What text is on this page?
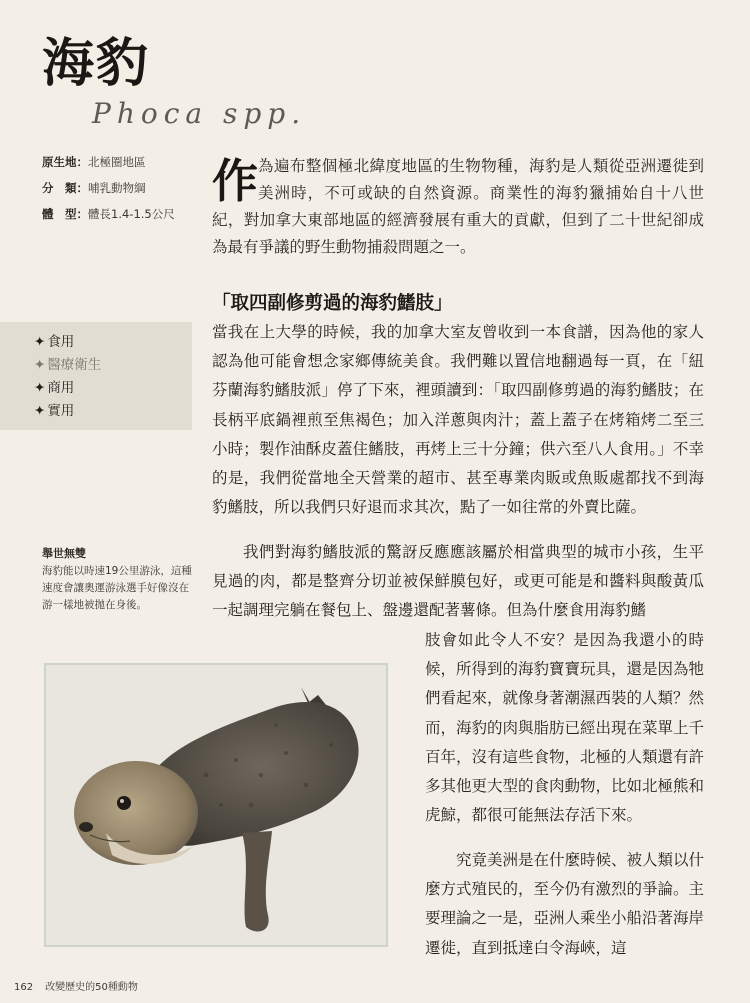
海豹
Phoca spp.
原生地：北極圈地區
分　類：哺乳動物綱
體　型：體長1.4-1.5公尺
✦ 食用
✦ 醫療衛生
✦ 商用
✦ 實用
舉世無雙
海豹能以時速19公里游泳，這種速度會讓奧運游泳選手好像沒在游一樣地被拋在身後。
作 為遍布整個極北緯度地區的生物物種，海豹是人類從亞洲遷徙到美洲時，不可或缺的自然資源。商業性的海豹獵捕始自十八世紀，對加拿大東部地區的經濟發展有重大的貢獻，但到了二十世紀卻成為最有爭議的野生動物捕殺問題之一。
「取四副修剪過的海豹鰭肢」
當我在上大學的時候，我的加拿大室友曾收到一本食譜，因為他的家人認為他可能會想念家鄉傳統美食。我們難以置信地翻過每一頁，在「紐芬蘭海豹鰭肢派」停了下來，裡頭讀到：「取四副修剪過的海豹鰭肢；在長柄平底鍋裡煎至焦褐色；加入洋蔥與肉汁；蓋上蓋子在烤箱烤二至三小時；製作油酥皮蓋住鰭肢，再烤上三十分鐘；供六至八人食用。」不幸的是，我們從當地全天營業的超市、甚至專業肉販或魚販處都找不到海豹鰭肢，所以我們只好退而求其次，點了一如往常的外賣比薩。
我們對海豹鰭肢派的驚訝反應應該屬於相當典型的城市小孩，生平見過的肉，都是整齊分切並被保鮮膜包好，或更可能是和醬料與酸黃瓜一起調理完躺在餐包上、盤邊還配著薯條。但為什麼食用海豹鰭
肢會如此令人不安？是因為我還小的時候，所得到的海豹寶寶玩具，還是因為牠們看起來，就像身著潮濕西裝的人類？然而，海豹的肉與脂肪已經出現在菜單上千百年，沒有這些食物，北極的人類還有許多其他更大型的食肉動物，比如北極熊和虎鯨，都很可能無法存活下來。
究竟美洲是在什麼時候、被人類以什麼方式殖民的，至今仍有激烈的爭論。主要理論之一是，亞洲人乘坐小船沿著海岸遷徙，直到抵達白令海峽，這
162 改變歷史的50種動物
